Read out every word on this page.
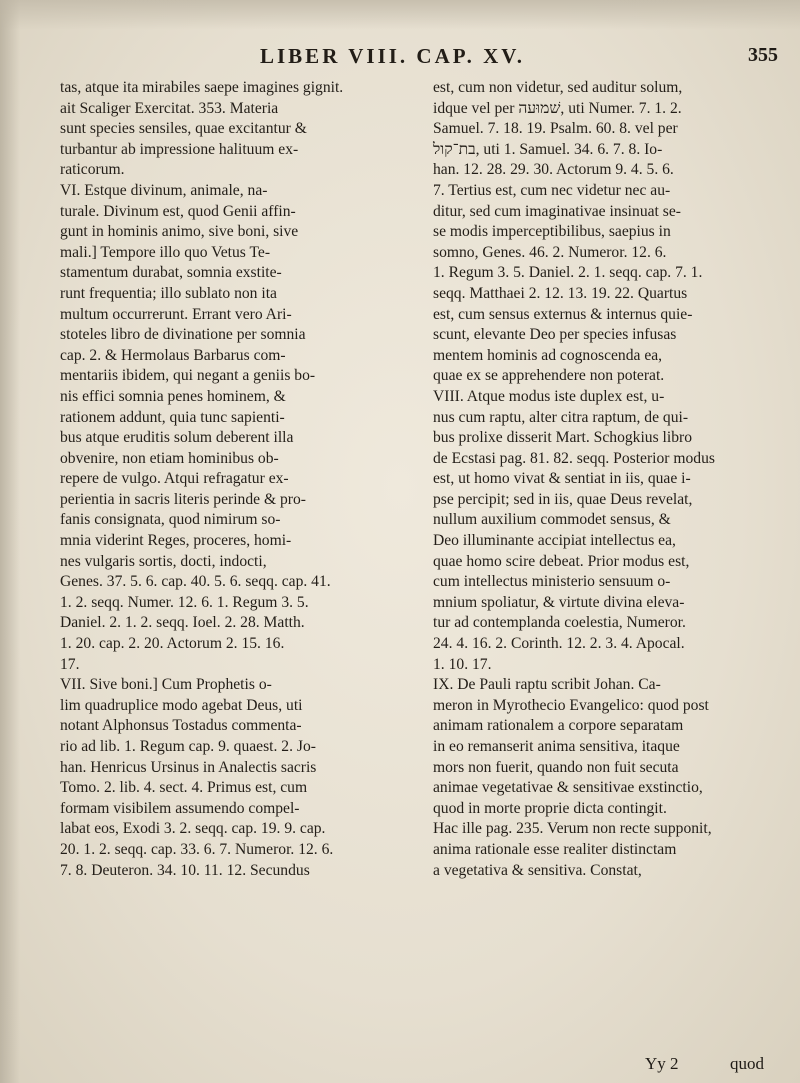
LIBER VIII. CAP. XV.	355

tas, atque ita mirabiles saepe imagines gignit.

ait Scaliger Exercitat. 353. Materia

sunt species sensiles, quae excitantur &

turbantur ab impressione halituum ex-

raticorum.

VI. Estque divinum, animale, na-

turale. Divinum est, quod Genii affin-

gunt in hominis animo, sive boni, sive

mali.] Tempore illo quo Vetus Te-

stamentum durabat, somnia exstite-

runt frequentia; illo sublato non ita

multum occurrerunt. Errant vero Ari-

stoteles libro de divinatione per somnia

cap. 2. & Hermolaus Barbarus com-

mentariis ibidem, qui negant a geniis bo-

nis effici somnia penes hominem, &

rationem addunt, quia tunc sapienti-

bus atque eruditis solum deberent illa

obvenire, non etiam hominibus ob-

repere de vulgo. Atqui refragatur ex-

perientia in sacris literis perinde & pro-

fanis consignata, quod nimirum so-

mnia viderint Reges, proceres, homi-

nes vulgaris sortis, docti, indocti,

Genes. 37. 5. 6. cap. 40. 5. 6. seqq. cap. 41.

1. 2. seqq. Numer. 12. 6. 1. Regum 3. 5.

Daniel. 2. 1. 2. seqq. Ioel. 2. 28. Matth.

1. 20. cap. 2. 20. Actorum 2. 15. 16.

17.

VII. Sive boni.] Cum Prophetis o-

lim quadruplice modo agebat Deus, uti

notant Alphonsus Tostadus commenta-

rio ad lib. 1. Regum cap. 9. quaest. 2. Jo-

han. Henricus Ursinus in Analectis sacris

Tomo. 2. lib. 4. sect. 4. Primus est, cum

formam visibilem assumendo compel-

labat eos, Exodi 3. 2. seqq. cap. 19. 9. cap.

20. 1. 2. seqq. cap. 33. 6. 7. Numeror. 12. 6.

7. 8. Deuteron. 34. 10. 11. 12. Secundus

est, cum non videtur, sed auditur solum,

idque vel per ‏שׁמוּעה‎, uti Numer. 7. 1. 2.

Samuel. 7. 18. 19. Psalm. 60. 8. vel per

‏בת־קול‎, uti 1. Samuel. 34. 6. 7. 8. Io-

han. 12. 28. 29. 30. Actorum 9. 4. 5. 6.

7. Tertius est, cum nec videtur nec au-

ditur, sed cum imaginativae insinuat se-

se modis imperceptibilibus, saepius in

somno, Genes. 46. 2. Numeror. 12. 6.

1. Regum 3. 5. Daniel. 2. 1. seqq. cap. 7. 1.

seqq. Matthaei 2. 12. 13. 19. 22. Quartus

est, cum sensus externus & internus quie-

scunt, elevante Deo per species infusas

mentem hominis ad cognoscenda ea,

quae ex se apprehendere non poterat.

VIII. Atque modus iste duplex est, u-

nus cum raptu, alter citra raptum, de qui-

bus prolixe disserit Mart. Schogkius libro

de Ecstasi pag. 81. 82. seqq. Posterior modus

est, ut homo vivat & sentiat in iis, quae i-

pse percipit; sed in iis, quae Deus revelat,

nullum auxilium commodet sensus, &

Deo illuminante accipiat intellectus ea,

quae homo scire debeat. Prior modus est,

cum intellectus ministerio sensuum o-

mnium spoliatur, & virtute divina eleva-

tur ad contemplanda coelestia, Numeror.

24. 4. 16. 2. Corinth. 12. 2. 3. 4. Apocal.

1. 10. 17.

IX. De Pauli raptu scribit Johan. Ca-

meron in Myrothecio Evangelico: quod post

animam rationalem a corpore separatam

in eo remanserit anima sensitiva, itaque

mors non fuerit, quando non fuit secuta

animae vegetativae & sensitivae exstinctio,

quod in morte proprie dicta contingit.

Hac ille pag. 235. Verum non recte supponit,

anima rationale esse realiter distinctam

a vegetativa & sensitiva. Constat,

Yy 2	quod
